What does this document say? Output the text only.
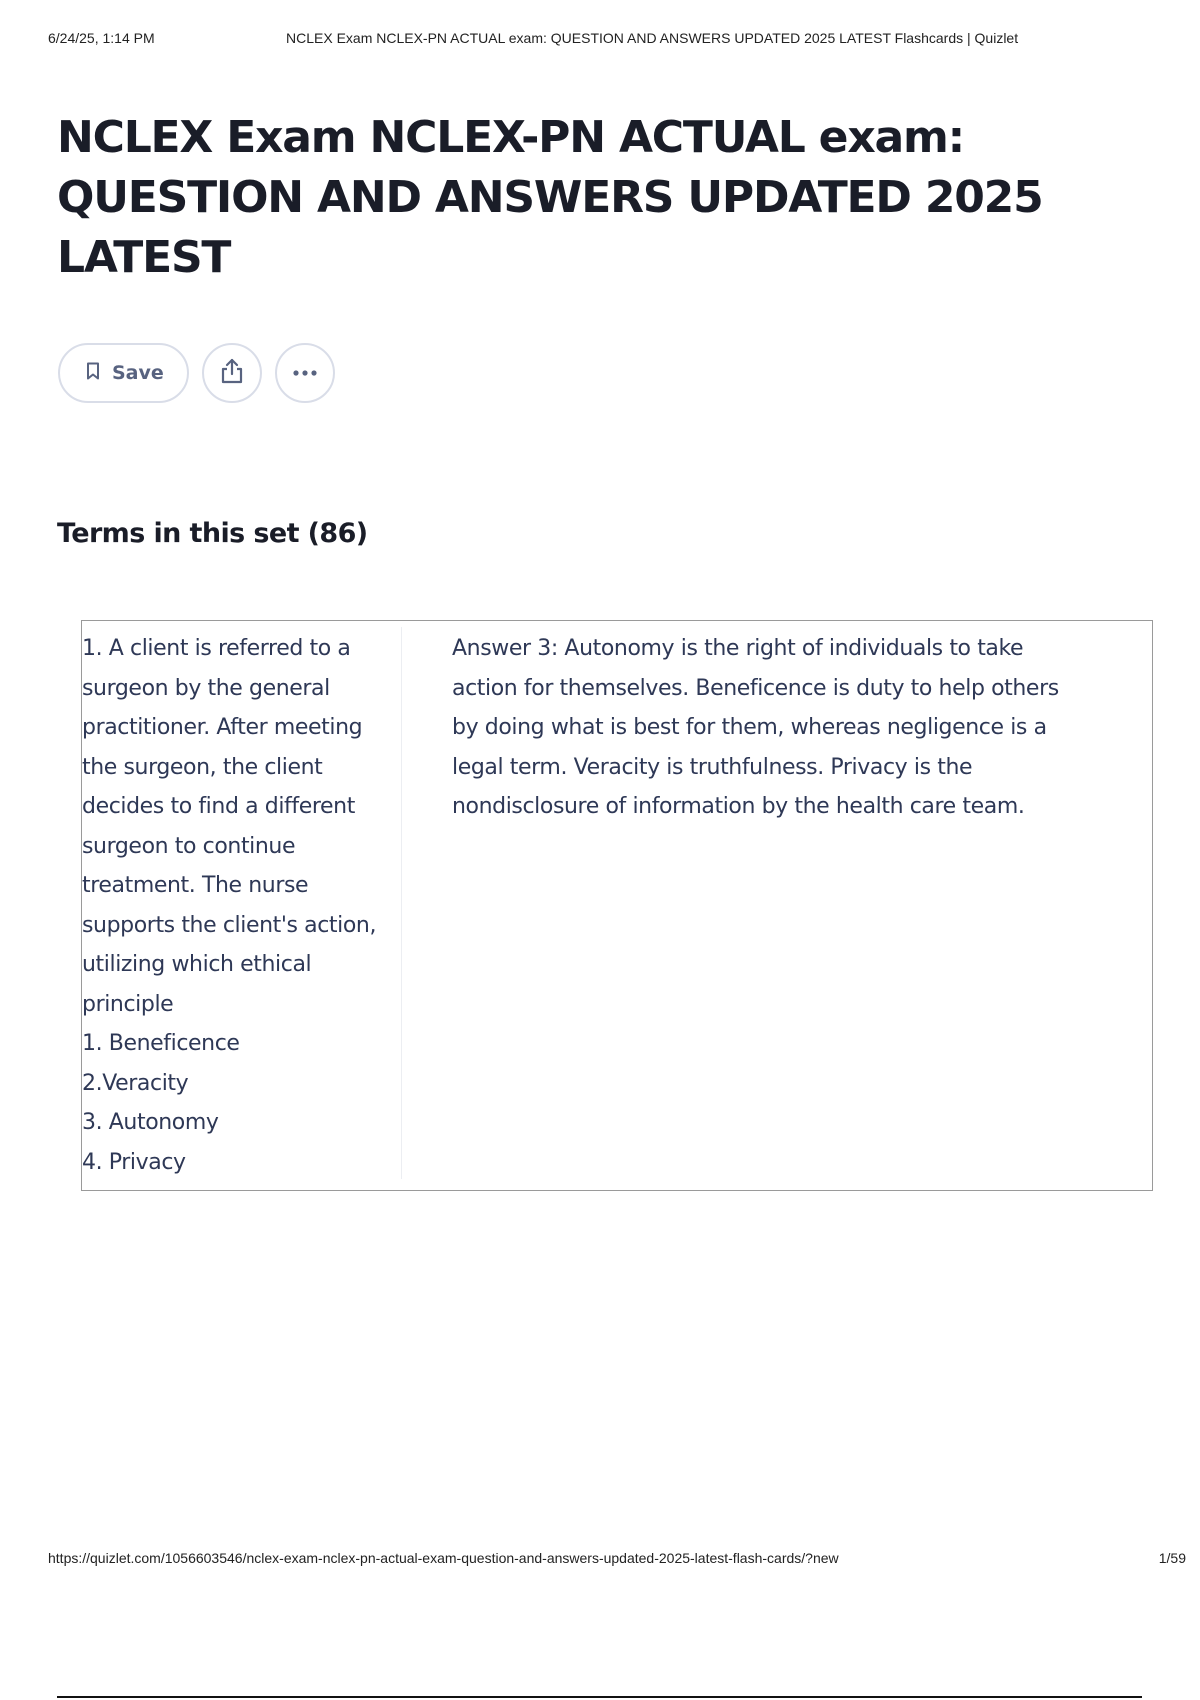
6/24/25, 1:14 PM	NCLEX Exam NCLEX-PN ACTUAL exam: QUESTION AND ANSWERS UPDATED 2025 LATEST Flashcards | Quizlet
NCLEX Exam NCLEX-PN ACTUAL exam: QUESTION AND ANSWERS UPDATED 2025 LATEST
Save
Terms in this set (86)
1. A client is referred to a surgeon by the general practitioner. After meeting the surgeon, the client decides to find a different surgeon to continue treatment. The nurse supports the client's action, utilizing which ethical principle
1. Beneficence
2.Veracity
3. Autonomy
4. Privacy
Answer 3: Autonomy is the right of individuals to take action for themselves. Beneficence is duty to help others by doing what is best for them, whereas negligence is a legal term. Veracity is truthfulness. Privacy is the nondisclosure of information by the health care team.
https://quizlet.com/1056603546/nclex-exam-nclex-pn-actual-exam-question-and-answers-updated-2025-latest-flash-cards/?new	1/59
